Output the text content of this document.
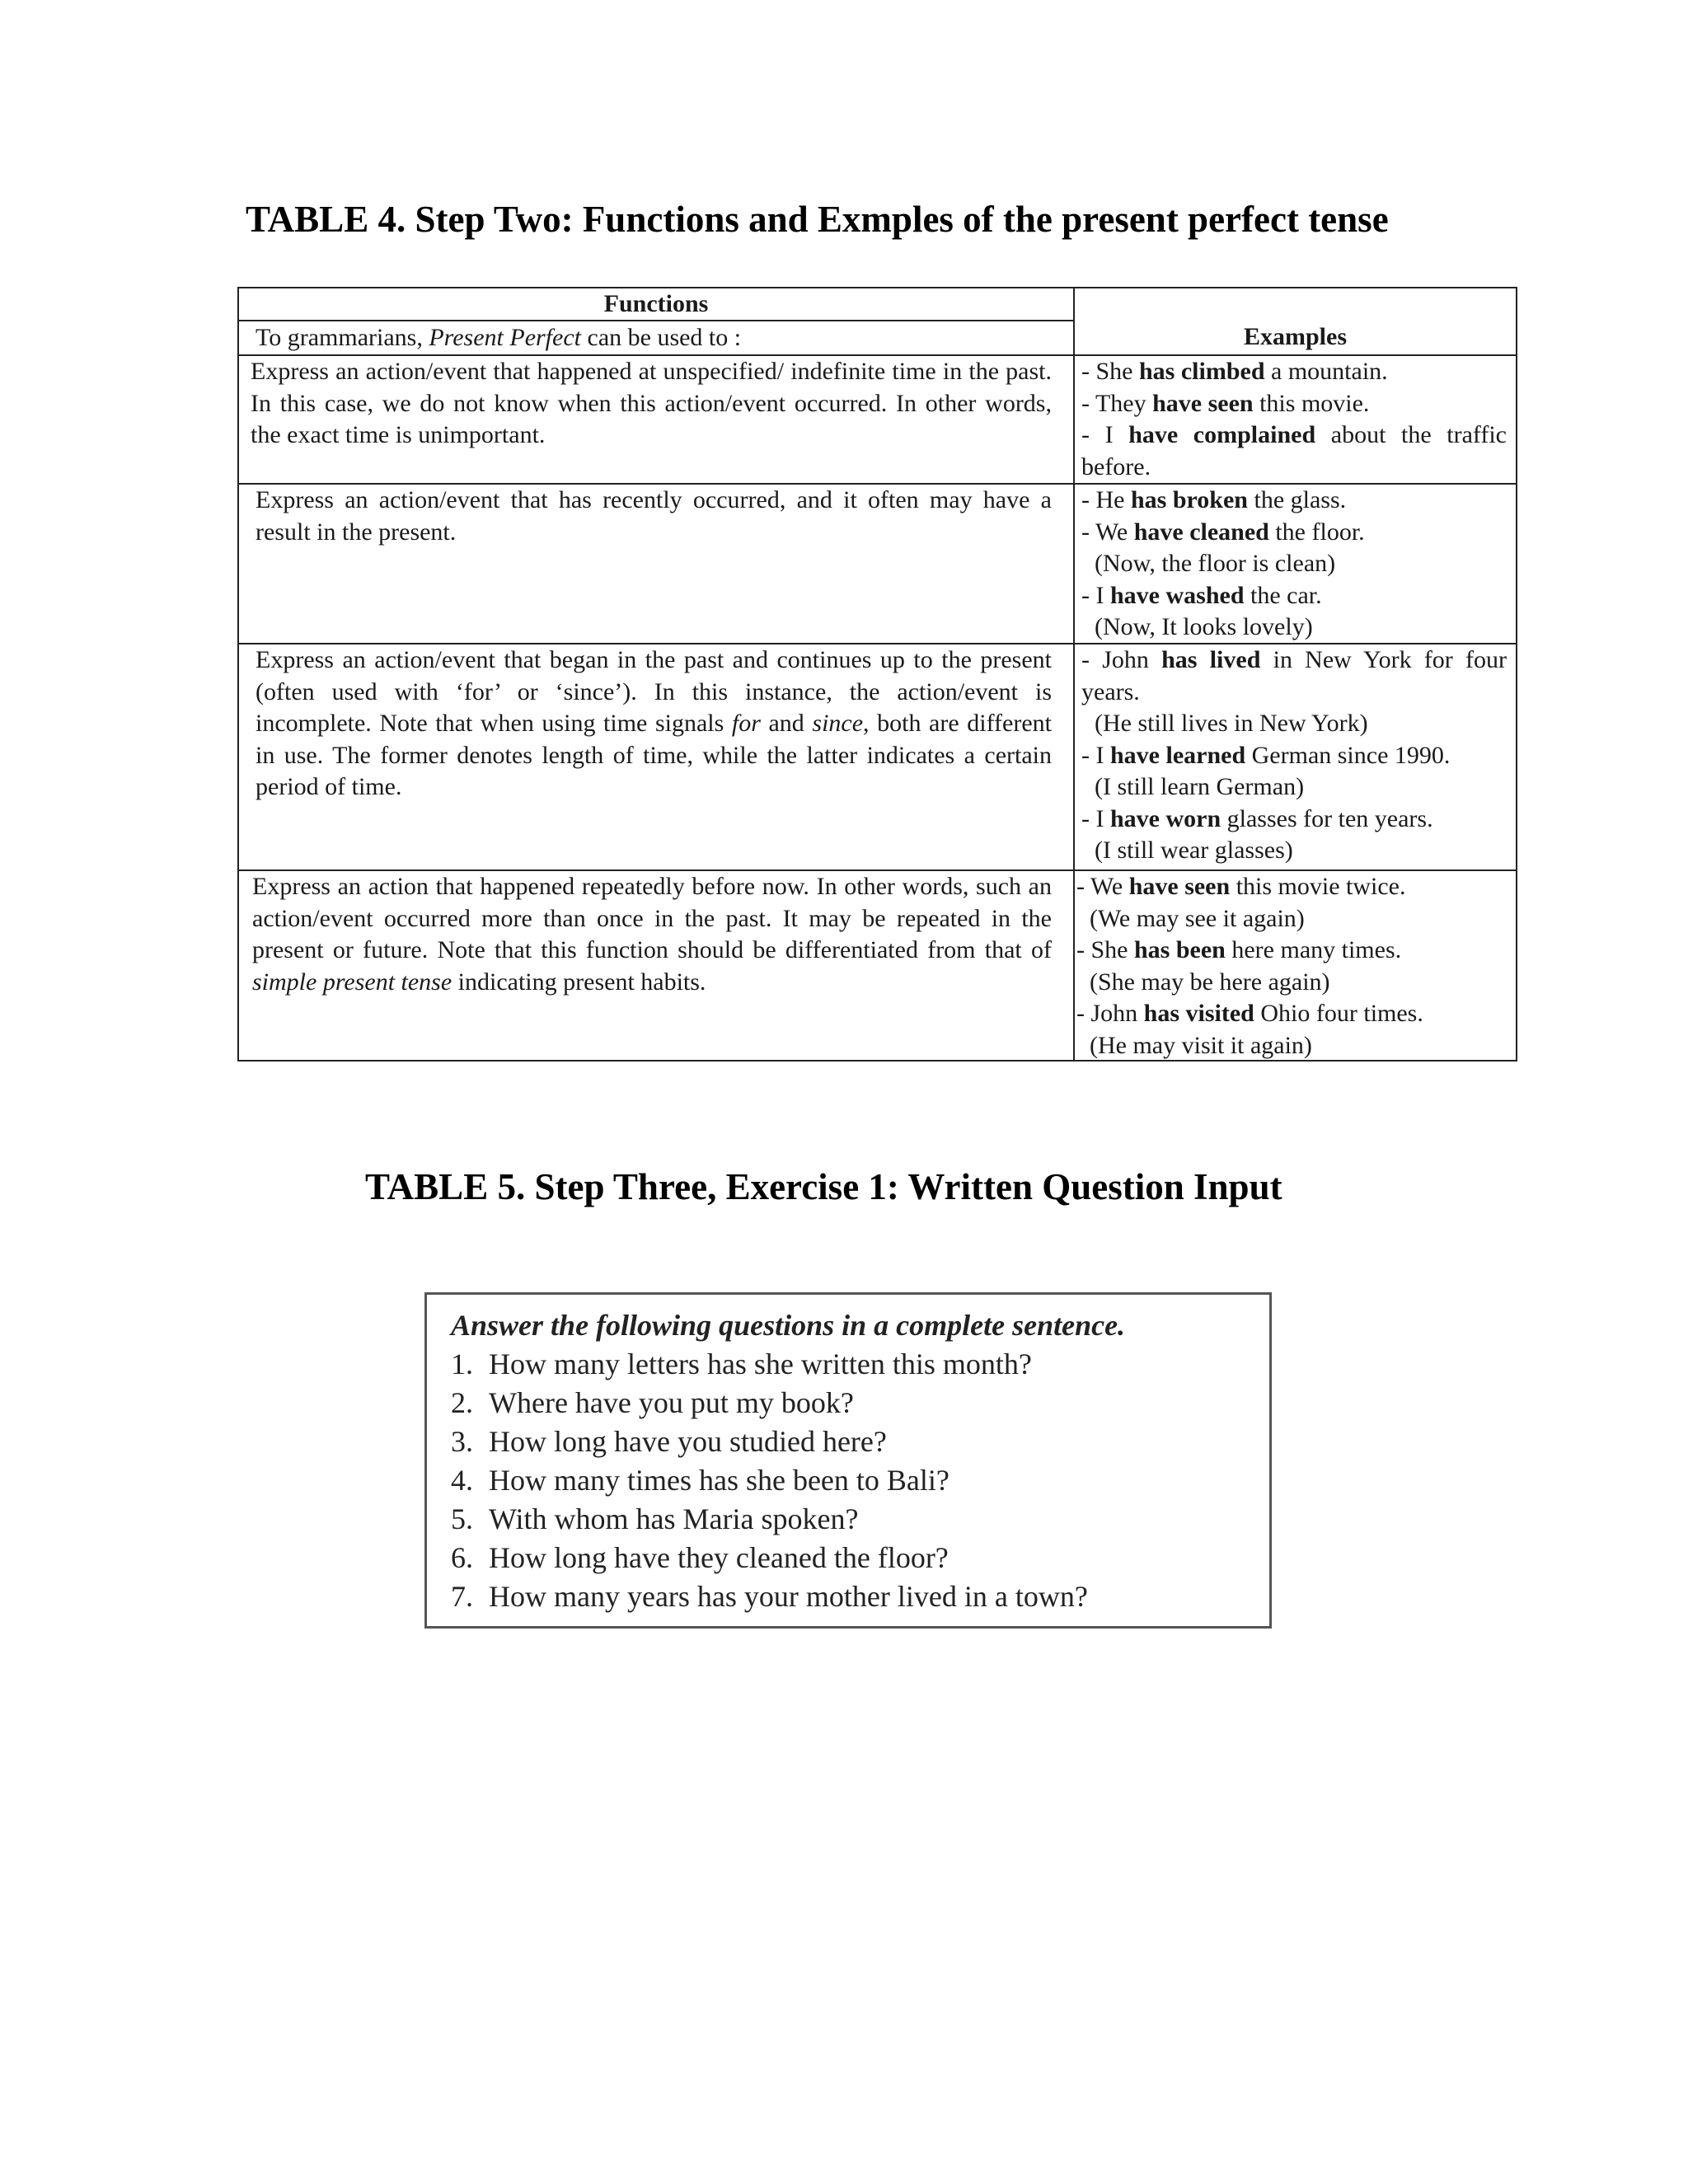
TABLE 4. Step Two: Functions and Exmples of the present perfect tense
Functions
Examples
To grammarians, Present Perfect can be used to :
Express an action/event that happened at unspecified/ indefinite time in the past. In this case, we do not know when this action/event occurred. In other words, the exact time is unimportant.
- She has climbed a mountain.
- They have seen this movie.
- I have complained about the traffic before.
Express an action/event that has recently occurred, and it often may have a result in the present.
- He has broken the glass.
- We have cleaned the floor.
(Now, the floor is clean)
- I have washed the car.
(Now, It looks lovely)
Express an action/event that began in the past and continues up to the present (often used with ‘for’ or ‘since’). In this instance, the action/event is incomplete. Note that when using time signals for and since, both are different in use. The former denotes length of time, while the latter indicates a certain period of time.
- John has lived in New York for four years.
(He still lives in New York)
- I have learned German since 1990.
(I still learn German)
- I have worn glasses for ten years.
(I still wear glasses)
Express an action that happened repeatedly before now. In other words, such an action/event occurred more than once in the past. It may be repeated in the present or future. Note that this function should be differentiated from that of simple present tense indicating present habits.
- We have seen this movie twice.
(We may see it again)
- She has been here many times.
(She may be here again)
- John has visited Ohio four times.
(He may visit it again)
TABLE 5. Step Three, Exercise 1: Written Question Input
Answer the following questions in a complete sentence.
1. How many letters has she written this month?
2. Where have you put my book?
3. How long have you studied here?
4. How many times has she been to Bali?
5. With whom has Maria spoken?
6. How long have they cleaned the floor?
7. How many years has your mother lived in a town?
